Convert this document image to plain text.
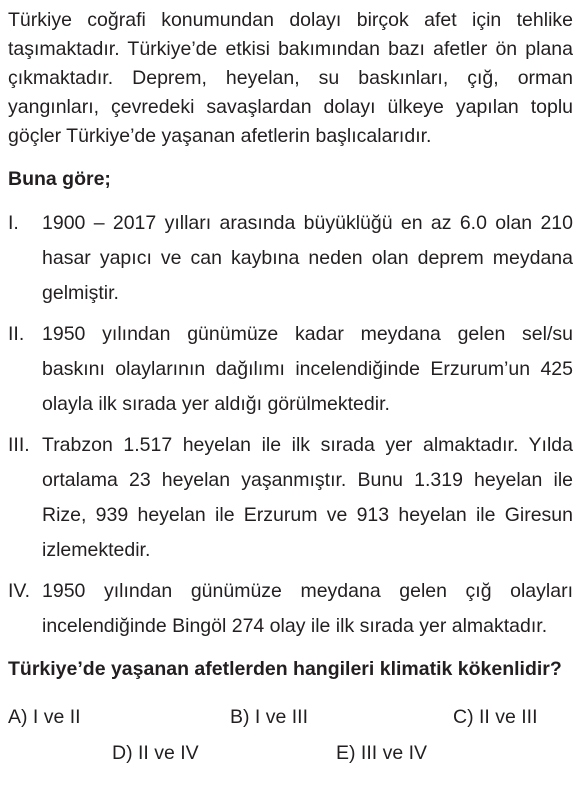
Türkiye coğrafi konumundan dolayı birçok afet için tehlike taşımaktadır. Türkiye’de etkisi bakımından bazı afetler ön plana çıkmaktadır. Deprem, heyelan, su baskınları, çığ, orman yangınları, çevredeki savaşlardan dolayı ülkeye yapılan toplu göçler Türkiye’de yaşanan afetlerin başlıcalarıdır.

Buna göre;
I.	1900 – 2017 yılları arasında büyüklüğü en az 6.0 olan 210 hasar yapıcı ve can kaybına neden olan deprem meydana gelmiştir.
II. 1950 yılından günümüze kadar meydana gelen sel/su baskını olaylarının dağılımı incelendiğinde Erzurum’un 425 olayla ilk sırada yer aldığı görülmektedir.
III. Trabzon 1.517 heyelan ile ilk sırada yer almaktadır. Yılda ortalama 23 heyelan yaşanmıştır. Bunu 1.319 heyelan ile Rize, 939 heyelan ile Erzurum ve 913 heyelan ile Giresun izlemektedir.
IV. 1950 yılından günümüze meydana gelen çığ olayları incelendiğinde Bingöl 274 olay ile ilk sırada yer almaktadır.
Türkiye’de yaşanan afetlerden hangileri klimatik kökenlidir?
A) I ve II	B) I ve III	C) II ve III
D) II ve IV	E) III ve IV
